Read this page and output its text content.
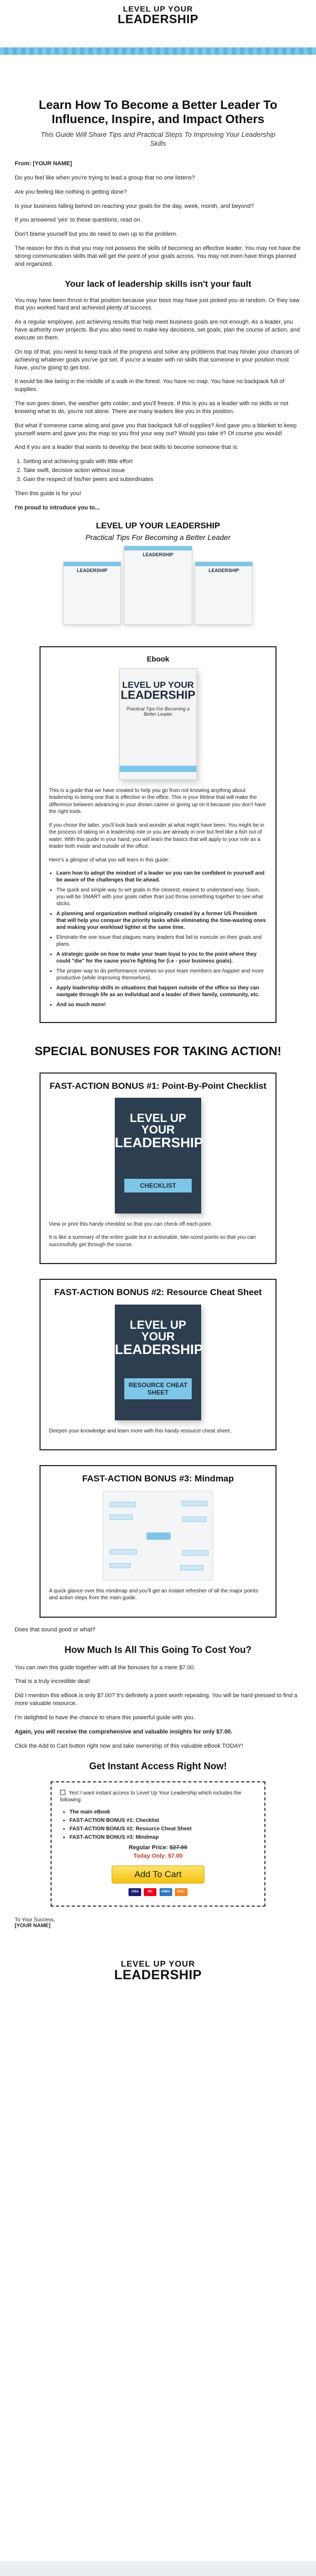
LEVEL UP YOUR
LEADERSHIP
Learn How To Become a Better Leader To Influence, Inspire, and Impact Others
This Guide Will Share Tips and Practical Steps To Improving Your Leadership Skills

From: [YOUR NAME]

Do you feel like when you're trying to lead a group that no one listens?

Are you feeling like nothing is getting done?

Is your business falling behind on reaching your goals for the day, week, month, and beyond?

If you answered 'yes' to these questions, read on.

Don't blame yourself but you do need to own up to the problem.

The reason for this is that you may not possess the skills of becoming an effective leader. You may not have the strong communication skills that will get the point of your goals across. You may not even have things planned and organized.

Your lack of leadership skills isn't your fault

You may have been thrust in that position because your boss may have just picked you at random. Or they saw that you worked hard and achieved plenty of success.

As a regular employee, just achieving results that help meet business goals are not enough. As a leader, you have authority over projects. But you also need to make key decisions, set goals, plan the course of action, and execute on them.

On top of that, you need to keep track of the progress and solve any problems that may hinder your chances of achieving whatever goals you've got set. If you're a leader with no skills that someone in your position must have, you're going to get lost.

It would be like being in the middle of a walk in the forest. You have no map. You have no backpack full of supplies.

The sun goes down, the weather gets colder, and you'll freeze. If this is you as a leader with no skills or not knowing what to do, you're not alone. There are many leaders like you in this position.

But what if someone came along and gave you that backpack full of supplies? And gave you a blanket to keep yourself warm and gave you the map so you find your way out? Would you take it? Of course you would!

And if you are a leader that wants to develop the best skills to become someone that is:

1. Setting and achieving goals with little effort
2. Take swift, decisive action without issue
3. Gain the respect of his/her peers and subordinates

Then this guide is for you!

I'm proud to introduce you to...

LEVEL UP YOUR LEADERSHIP
Practical Tips For Becoming a Better Leader
LEADERSHIP
LEADERSHIP
LEADERSHIP
Ebook
LEVEL UP YOUR
LEADERSHIP
Practical Tips For Becoming a Better Leader

This is a guide that we have created to help you go from not knowing anything about leadership to being one that is effective in the office. This is your lifeline that will make the difference between advancing in your dream career or giving up on it because you don't have the right tools.

If you chose the latter, you'll look back and wonder at what might have been. You might be in the process of taking on a leadership role or you are already in one but feel like a fish out of water. With this guide in your hand, you will learn the basics that will apply to your role as a leader both inside and outside of the office.

Here's a glimpse of what you will learn in this guide:

• Learn how to adopt the mindset of a leader so you can be confident in yourself and be aware of the challenges that lie ahead.
• The quick and simple way to set goals in the clearest, easiest to understand way. Soon, you will be SMART with your goals rather than just throw something together to see what sticks.
• A planning and organization method originally created by a former US President that will help you conquer the priority tasks while eliminating the time-wasting ones and making your workload lighter at the same time.
• Eliminate the one issue that plagues many leaders that fail to execute on their goals and plans.
• A strategic guide on how to make your team loyal to you to the point where they could "die" for the cause you're fighting for (i.e - your business goals).
• The proper way to do performance reviews so your team members are happier and more productive (while improving themselves).
• Apply leadership skills in situations that happen outside of the office so they can navigate through life as an individual and a leader of their family, community, etc.
• And so much more!
SPECIAL BONUSES FOR TAKING ACTION!
FAST-ACTION BONUS #1: Point-By-Point Checklist
LEVEL UP YOUR
LEADERSHIP
CHECKLIST

View or print this handy checklist so that you can check off each point.

It is like a summary of the entire guide but in actionable, bite-sized points so that you can successfully get through the course.

FAST-ACTION BONUS #2: Resource Cheat Sheet
LEVEL UP YOUR
LEADERSHIP
RESOURCE CHEAT SHEET

Deepen your knowledge and learn more with this handy resource cheat sheet.

FAST-ACTION BONUS #3: Mindmap

A quick glance over this mindmap and you'll get an instant refresher of all the major points and action steps from the main guide.

Does that sound good or what?

How Much Is All This Going To Cost You?

You can own this guide together with all the bonuses for a mere $7.00.

That is a truly incredible deal!

Did I mention this eBook is only $7.00? It's definitely a point worth repeating. You will be hard-pressed to find a more valuable resource.

I'm delighted to have the chance to share this powerful guide with you.

Again, you will receive the comprehensive and valuable insights for only $7.00.

Click the Add to Cart button right now and take ownership of this valuable eBook TODAY!

Get Instant Access Right Now!
Yes! I want instant access to Level Up Your Leadership which includes the following:
• The main eBook
• FAST-ACTION BONUS #1: Checklist
• FAST-ACTION BONUS #2: Resource Cheat Sheet
• FAST-ACTION BONUS #3: Mindmap
Regular Price: $27.00
Today Only: $7.00
Add To Cart
VISA	MC	AMEX DISC
To Your Success,
[YOUR NAME]
LEVEL UP YOUR
LEADERSHIP
